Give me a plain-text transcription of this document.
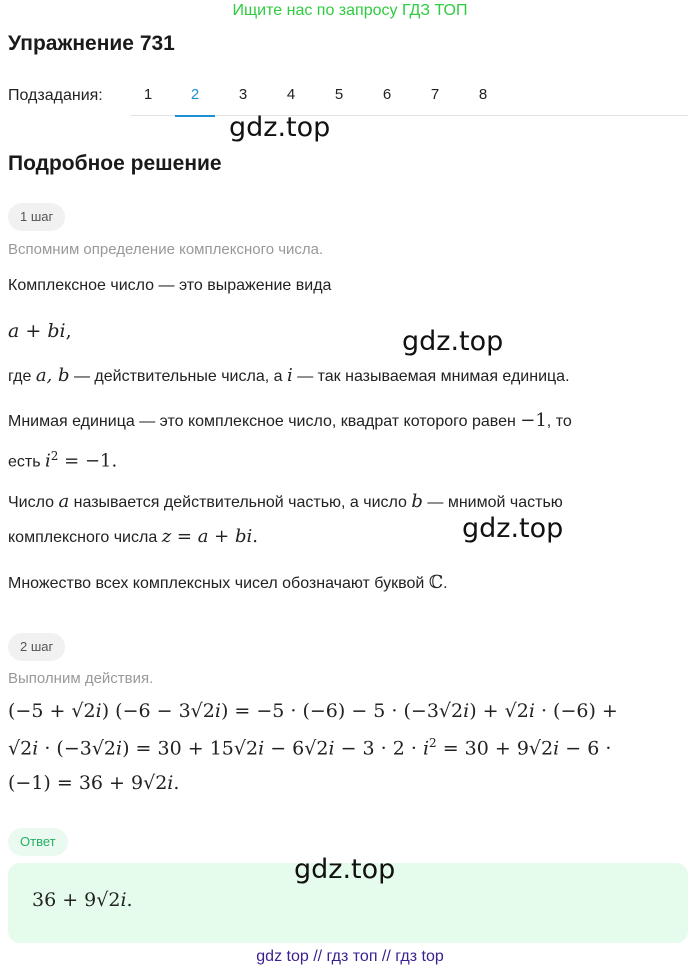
Ищите нас по запросу ГДЗ ТОП
Упражнение 731
Подзадания:	1	2	3	4	5	6	7	8
gdz.top
Подробное решение
1 шаг
Вспомним определение комплексного числа.
Комплексное число — это выражение вида
a + bi,	gdz.top
где a, b — действительные числа, а i — так называемая мнимая единица.
Мнимая единица — это комплексное число, квадрат которого равен −1, то
есть $i^2 = -1$.
Число a называется действительной частью, а число b — мнимой частью
комплексного числа z = a + bi.	gdz.top
Множество всех комплексных чисел обозначают буквой ℂ.
2 шаг
Выполним действия.
(−5 + √2i) (−6 − 3√2i) = −5 · (−6) − 5 · (−3√2i) + √2i · (−6) +
$√2i \cdot (-3√2i) = 30 + 15√2i - 6√2i - 3 \cdot 2 \cdot i^2 = 30 + 9√2i - 6$ ·
(−1) = 36 + 9√2i.
Ответ
36 + 9√2i.
gdz.top
gdz top // гдз топ // гдз top
